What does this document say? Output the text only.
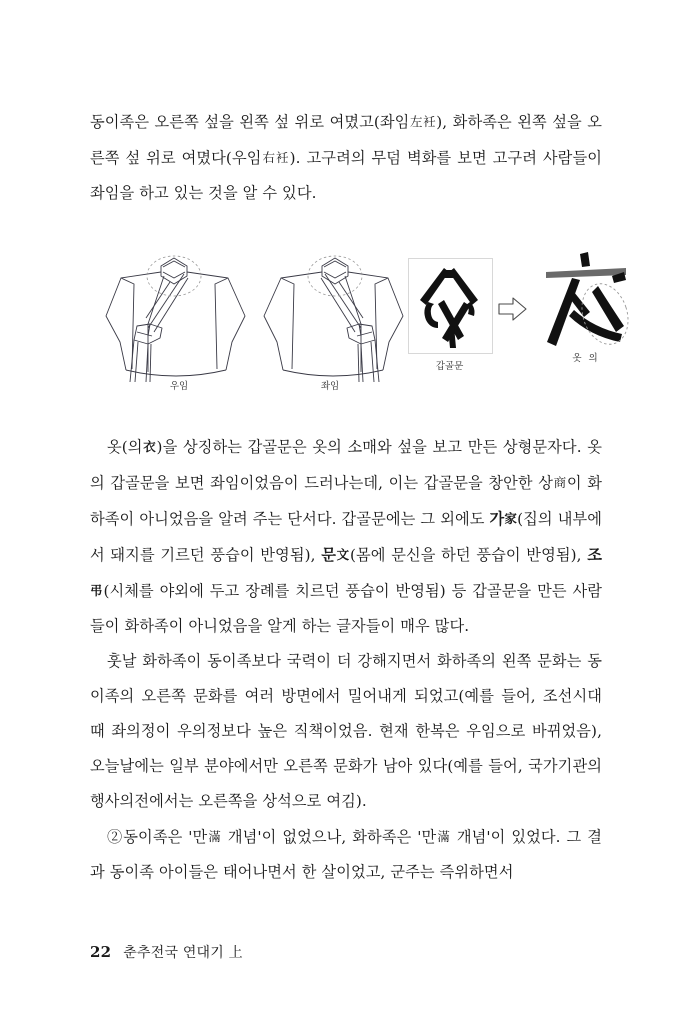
동이족은 오른쪽 섶을 왼쪽 섶 위로 여몄고(좌임左衽), 화하족은 왼쪽 섶을 오른쪽 섶 위로 여몄다(우임右衽). 고구려의 무덤 벽화를 보면 고구려 사람들이 좌임을 하고 있는 것을 알 수 있다.

옷(의衣)을 상징하는 갑골문은 옷의 소매와 섶을 보고 만든 상형문자다. 옷의 갑골문을 보면 좌임이었음이 드러나는데, 이는 갑골문을 창안한 상商이 화하족이 아니었음을 알려 주는 단서다. 갑골문에는 그 외에도 가家(집의 내부에서 돼지를 기르던 풍습이 반영됨), 문文(몸에 문신을 하던 풍습이 반영됨), 조弔(시체를 야외에 두고 장례를 치르던 풍습이 반영됨) 등 갑골문을 만든 사람들이 화하족이 아니었음을 알게 하는 글자들이 매우 많다.

훗날 화하족이 동이족보다 국력이 더 강해지면서 화하족의 왼쪽 문화는 동이족의 오른쪽 문화를 여러 방면에서 밀어내게 되었고(예를 들어, 조선시대 때 좌의정이 우의정보다 높은 직책이었음. 현재 한복은 우임으로 바뀌었음), 오늘날에는 일부 분야에서만 오른쪽 문화가 남아 있다(예를 들어, 국가기관의 행사의전에서는 오른쪽을 상석으로 여김).

②동이족은 '만滿 개념'이 없었으나, 화하족은 '만滿 개념'이 있었다. 그 결과 동이족 아이들은 태어나면서 한 살이었고, 군주는 즉위하면서

우임	좌임
갑골문
옷 의
22 춘추전국 연대기 上
